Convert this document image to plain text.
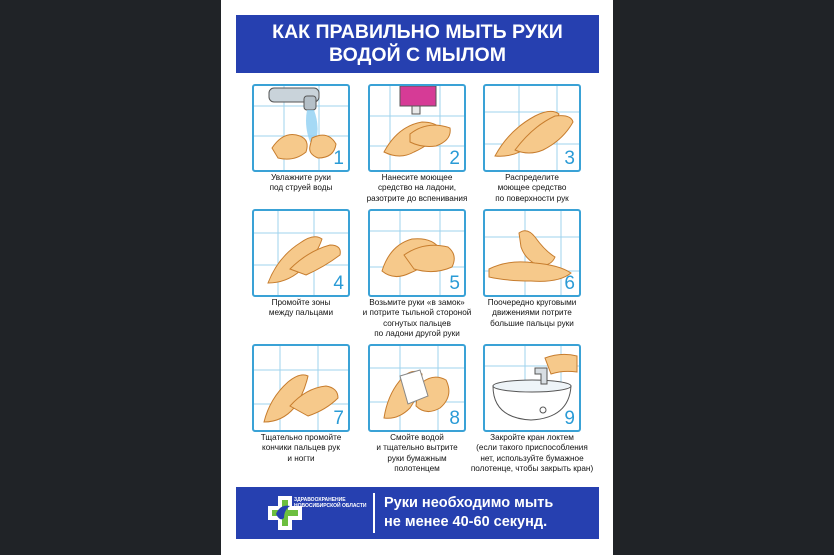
КАК ПРАВИЛЬНО МЫТЬ РУКИ
ВОДОЙ С МЫЛОМ
1
Увлажните руки
под струей воды
2
Нанесите моющее
средство на ладони,
разотрите до вспенивания
3
Распределите
моющее средство
по поверхности рук
4
Промойте зоны
между пальцами
5
Возьмите руки «в замок»
и потрите тыльной стороной
согнутых пальцев
по ладони другой руки
6
Поочередно круговыми
движениями потрите
большие пальцы руки
7
Тщательно промойте
кончики пальцев рук
и ногти
8
Смойте водой
и тщательно вытрите
руки бумажным
полотенцем
9
Закройте кран локтем
(если такого приспособления
нет, используйте бумажное
полотенце, чтобы закрыть кран)
ЗДРАВООХРАНЕНИЕ
НОВОСИБИРСКОЙ ОБЛАСТИ	Руки необходимо мыть
не менее 40-60 секунд.
